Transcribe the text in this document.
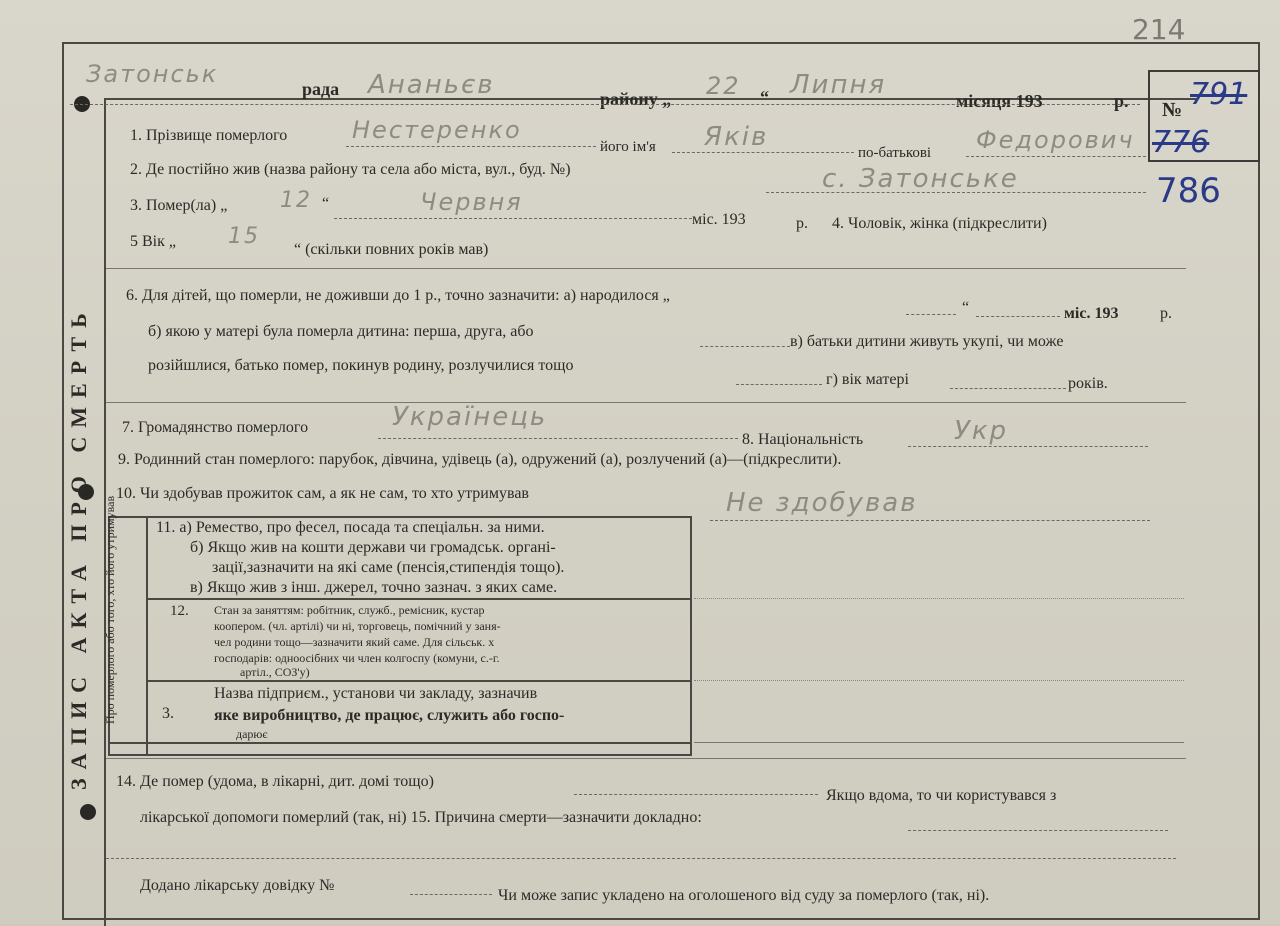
214
Затонськ
рада Ананьєв	району „ 22 “ Липня
місяця 193	р. № 791
776
786
ЗАПИС АКТА ПРО СМЕРТЬ
1. Прізвище померлого	Нестеренко
його ім'я Яків
по-батькові Федорович
2. Де постійно жив (назва району та села або міста, вул., буд. №)	с. Затонське
3. Помер(ла) „ 12 “	Червня
міс. 193	р. 4. Чоловік, жінка (підкреслити)
5 Вік „ 15
“ (скільки повних років мав)
6. Для дітей, що померли, не доживши до 1 р., точно зазначити: а) народилося „
“	міс. 193	р.
б) якою у матері була померла дитина: перша, друга, або
в) батьки дитини живуть укупі, чи може
розійшлися, батько помер, покинув родину, розлучилися тощо
г) вік матері	років.
7. Громадянство померлого	Українець
8. Національність	Укр
9. Родинний стан померлого: парубок, дівчина, удівець (а), одружений (а), розлучений (а)—(підкреслити).
10. Чи здобував прожиток сам, а як не сам, то хто утримував	Не здобував
Про померлого або того, хто його утримував 11. а) Ремество, про фесел, посада та спеціальн. за ними.
б) Якщо жив на кошти держави чи громадськ. органі-
зації,зазначити на які саме (пенсія,стипендія тощо).
в) Якщо жив з інш. джерел, точно зазнач. з яких саме.
12. Стан за заняттям: робітник, служб., ремісник, кустар
коопером. (чл. артілі) чи ні, торговець, помічний у заня-
чел родини тощо—зазначити який саме. Для сільськ. х
господарів: одноосібних чи член колгоспу (комуни, с.-г.
артіл., СОЗ'у)
3.
Назва підприєм., установи чи закладу, зазначив
яке виробництво, де працює, служить або госпо-
дарює
14. Де помер (удома, в лікарні, дит. домі тощо)
Якщо вдома, то чи користувався з
лікарської допомоги померлий (так, ні) 15. Причина смерти—зазначити докладно:
Додано лікарську довідку №
Чи може запис укладено на оголошеного від суду за померлого (так, ні).
